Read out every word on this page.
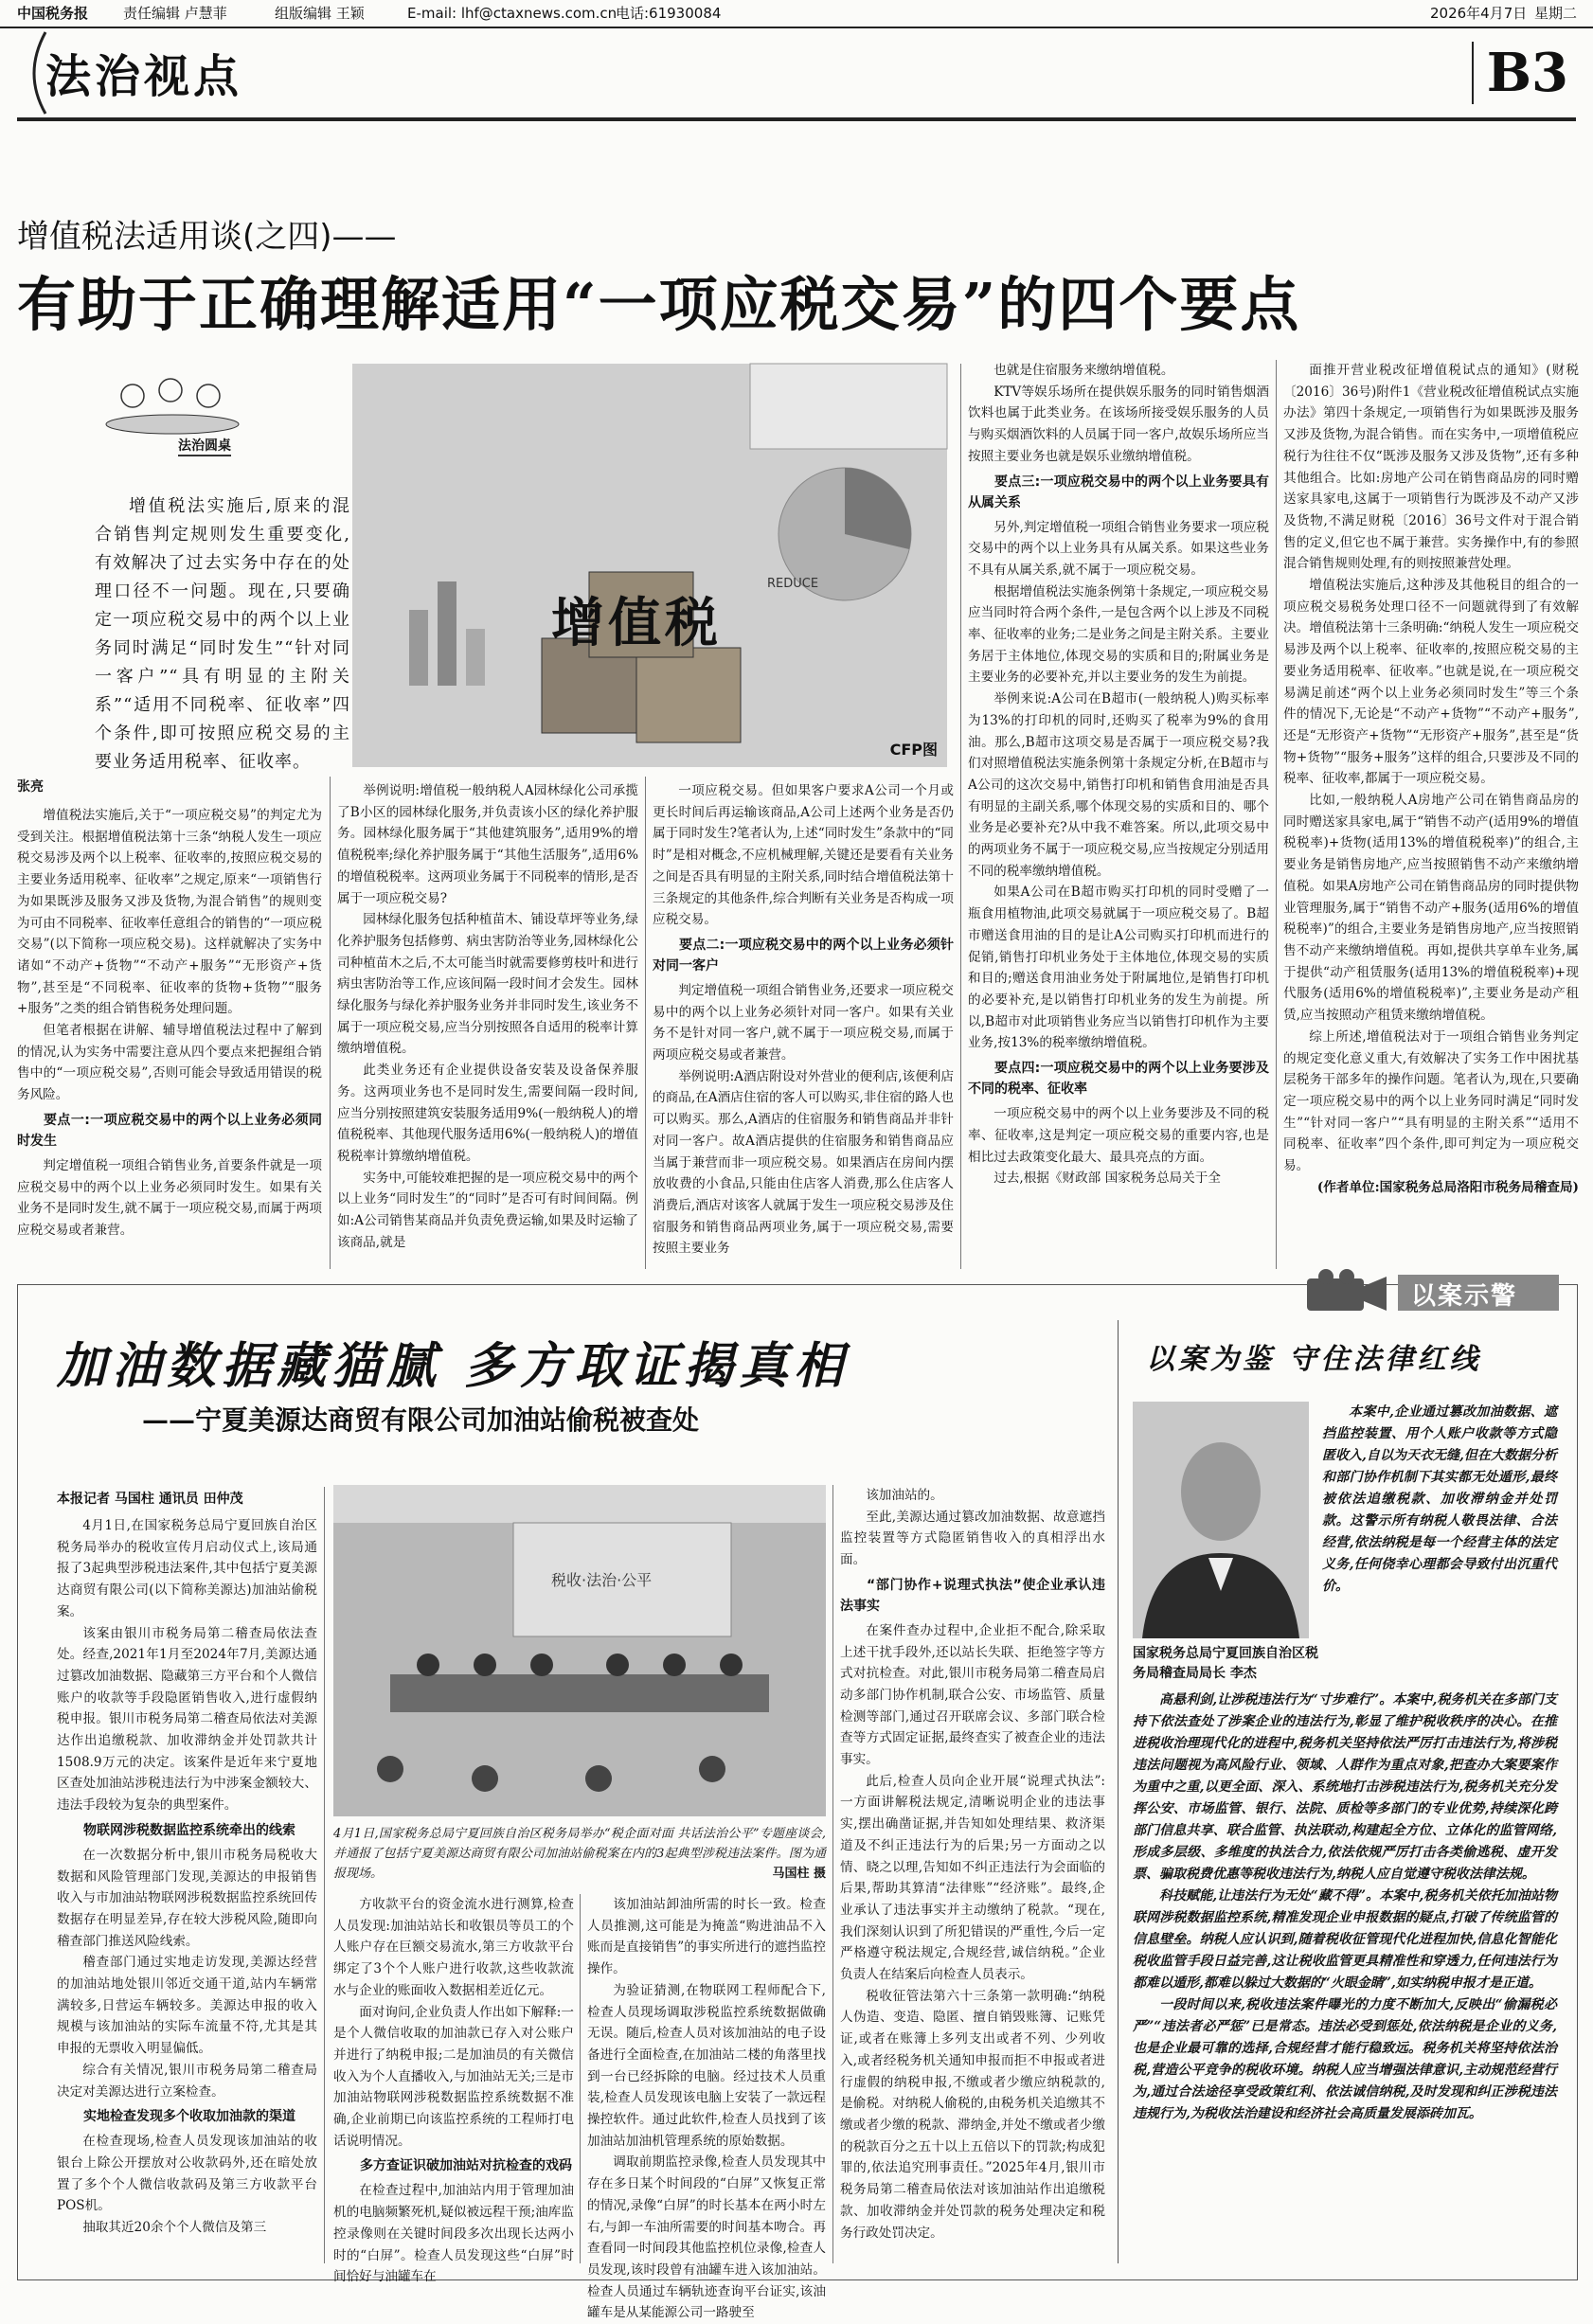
中国税务报 责任编辑 卢慧菲	组版编辑 王颖	E-mail: lhf@ctaxnews.com.cn
电话:61930084	2026年4月7日 星期二
法治视点	B3
增值税法适用谈(之四)——
有助于正确理解适用“一项应税交易”的四个要点
法治圆桌

增值税法实施后,原来的混合销售判定规则发生重要变化,有效解决了过去实务中存在的处理口径不一问题。现在,只要确定一项应税交易中的两个以上业务同时满足“同时发生”“针对同一客户”“具有明显的主附关系”“适用不同税率、征收率”四个条件,即可按照应税交易的主要业务适用税率、征收率。

增值税
REDUCE
CFP图
张亮

增值税法实施后,关于“一项应税交易”的判定尤为受到关注。根据增值税法第十三条“纳税人发生一项应税交易涉及两个以上税率、征收率的,按照应税交易的主要业务适用税率、征收率”之规定,原来“一项销售行为如果既涉及服务又涉及货物,为混合销售”的规则变为可由不同税率、征收率任意组合的销售的“一项应税交易”(以下简称一项应税交易)。这样就解决了实务中诸如“不动产+货物”“不动产+服务”“无形资产+货物”,甚至是“不同税率、征收率的货物+货物”“服务+服务”之类的组合销售税务处理问题。

但笔者根据在讲解、辅导增值税法过程中了解到的情况,认为实务中需要注意从四个要点来把握组合销售中的“一项应税交易”,否则可能会导致适用错误的税务风险。

要点一:一项应税交易中的两个以上业务必须同时发生

判定增值税一项组合销售业务,首要条件就是一项应税交易中的两个以上业务必须同时发生。如果有关业务不是同时发生,就不属于一项应税交易,而属于两项应税交易或者兼营。

举例说明:增值税一般纳税人A园林绿化公司承揽了B小区的园林绿化服务,并负责该小区的绿化养护服务。园林绿化服务属于“其他建筑服务”,适用9%的增值税税率;绿化养护服务属于“其他生活服务”,适用6%的增值税税率。这两项业务属于不同税率的情形,是否属于一项应税交易?

园林绿化服务包括种植苗木、铺设草坪等业务,绿化养护服务包括修剪、病虫害防治等业务,园林绿化公司种植苗木之后,不太可能当时就需要修剪枝叶和进行病虫害防治等工作,应该间隔一段时间才会发生。园林绿化服务与绿化养护服务业务并非同时发生,该业务不属于一项应税交易,应当分别按照各自适用的税率计算缴纳增值税。

此类业务还有企业提供设备安装及设备保养服务。这两项业务也不是同时发生,需要间隔一段时间,应当分别按照建筑安装服务适用9%(一般纳税人)的增值税税率、其他现代服务适用6%(一般纳税人)的增值税税率计算缴纳增值税。

实务中,可能较难把握的是一项应税交易中的两个以上业务“同时发生”的“同时”是否可有时间间隔。例如:A公司销售某商品并负责免费运输,如果及时运输了该商品,就是

一项应税交易。但如果客户要求A公司一个月或更长时间后再运输该商品,A公司上述两个业务是否仍属于同时发生?笔者认为,上述“同时发生”条款中的“同时”是相对概念,不应机械理解,关键还是要看有关业务之间是否具有明显的主附关系,同时结合增值税法第十三条规定的其他条件,综合判断有关业务是否构成一项应税交易。

要点二:一项应税交易中的两个以上业务必须针对同一客户

判定增值税一项组合销售业务,还要求一项应税交易中的两个以上业务必须针对同一客户。如果有关业务不是针对同一客户,就不属于一项应税交易,而属于两项应税交易或者兼营。

举例说明:A酒店附设对外营业的便利店,该便利店的商品,在A酒店住宿的客人可以购买,非住宿的路人也可以购买。那么,A酒店的住宿服务和销售商品并非针对同一客户。故A酒店提供的住宿服务和销售商品应当属于兼营而非一项应税交易。如果酒店在房间内摆放收费的小食品,只能由住店客人消费,那么住店客人消费后,酒店对该客人就属于发生一项应税交易涉及住宿服务和销售商品两项业务,属于一项应税交易,需要按照主要业务

也就是住宿服务来缴纳增值税。

KTV等娱乐场所在提供娱乐服务的同时销售烟酒饮料也属于此类业务。在该场所接受娱乐服务的人员与购买烟酒饮料的人员属于同一客户,故娱乐场所应当按照主要业务也就是娱乐业缴纳增值税。

要点三:一项应税交易中的两个以上业务要具有从属关系

另外,判定增值税一项组合销售业务要求一项应税交易中的两个以上业务具有从属关系。如果这些业务不具有从属关系,就不属于一项应税交易。

根据增值税法实施条例第十条规定,一项应税交易应当同时符合两个条件,一是包含两个以上涉及不同税率、征收率的业务;二是业务之间是主附关系。主要业务居于主体地位,体现交易的实质和目的;附属业务是主要业务的必要补充,并以主要业务的发生为前提。

举例来说:A公司在B超市(一般纳税人)购买标率为13%的打印机的同时,还购买了税率为9%的食用油。那么,B超市这项交易是否属于一项应税交易?我们对照增值税法实施条例第十条规定分析,在B超市与A公司的这次交易中,销售打印机和销售食用油是否具有明显的主副关系,哪个体现交易的实质和目的、哪个业务是必要补充?从中我不难答案。所以,此项交易中的两项业务不属于一项应税交易,应当按规定分别适用不同的税率缴纳增值税。

如果A公司在B超市购买打印机的同时受赠了一瓶食用植物油,此项交易就属于一项应税交易了。B超市赠送食用油的目的是让A公司购买打印机而进行的促销,销售打印机业务处于主体地位,体现交易的实质和目的;赠送食用油业务处于附属地位,是销售打印机的必要补充,是以销售打印机业务的发生为前提。所以,B超市对此项销售业务应当以销售打印机作为主要业务,按13%的税率缴纳增值税。

要点四:一项应税交易中的两个以上业务要涉及不同的税率、征收率

一项应税交易中的两个以上业务要涉及不同的税率、征收率,这是判定一项应税交易的重要内容,也是相比过去政策变化最大、最具亮点的方面。

过去,根据《财政部 国家税务总局关于全

面推开营业税改征增值税试点的通知》(财税〔2016〕36号)附件1《营业税改征增值税试点实施办法》第四十条规定,一项销售行为如果既涉及服务又涉及货物,为混合销售。而在实务中,一项增值税应税行为往往不仅“既涉及服务又涉及货物”,还有多种其他组合。比如:房地产公司在销售商品房的同时赠送家具家电,这属于一项销售行为既涉及不动产又涉及货物,不满足财税〔2016〕36号文件对于混合销售的定义,但它也不属于兼营。实务操作中,有的参照混合销售规则处理,有的则按照兼营处理。

增值税法实施后,这种涉及其他税目的组合的一项应税交易税务处理口径不一问题就得到了有效解决。增值税法第十三条明确:“纳税人发生一项应税交易涉及两个以上税率、征收率的,按照应税交易的主要业务适用税率、征收率。”也就是说,在一项应税交易满足前述“两个以上业务必须同时发生”等三个条件的情况下,无论是“不动产+货物”“不动产+服务”,还是“无形资产+货物”“无形资产+服务”,甚至是“货物+货物”“服务+服务”这样的组合,只要涉及不同的税率、征收率,都属于一项应税交易。

比如,一般纳税人A房地产公司在销售商品房的同时赠送家具家电,属于“销售不动产(适用9%的增值税税率)+货物(适用13%的增值税税率)”的组合,主要业务是销售房地产,应当按照销售不动产来缴纳增值税。如果A房地产公司在销售商品房的同时提供物业管理服务,属于“销售不动产+服务(适用6%的增值税税率)”的组合,主要业务是销售房地产,应当按照销售不动产来缴纳增值税。再如,提供共享单车业务,属于提供“动产租赁服务(适用13%的增值税税率)+现代服务(适用6%的增值税税率)”,主要业务是动产租赁,应当按照动产租赁来缴纳增值税。

综上所述,增值税法对于一项组合销售业务判定的规定变化意义重大,有效解决了实务工作中困扰基层税务干部多年的操作问题。笔者认为,现在,只要确定一项应税交易中的两个以上业务同时满足“同时发生”“针对同一客户”“具有明显的主附关系”“适用不同税率、征收率”四个条件,即可判定为一项应税交易。

(作者单位:国家税务总局洛阳市税务局稽查局)
以案示警
加油数据藏猫腻 多方取证揭真相
——宁夏美源达商贸有限公司加油站偷税被查处
本报记者 马国柱 通讯员 田仲茂

4月1日,在国家税务总局宁夏回族自治区税务局举办的税收宣传月启动仪式上,该局通报了3起典型涉税违法案件,其中包括宁夏美源达商贸有限公司(以下简称美源达)加油站偷税案。

该案由银川市税务局第二稽查局依法查处。经查,2021年1月至2024年7月,美源达通过篡改加油数据、隐藏第三方平台和个人微信账户的收款等手段隐匿销售收入,进行虚假纳税申报。银川市税务局第二稽查局依法对美源达作出追缴税款、加收滞纳金并处罚款共计1508.9万元的决定。该案件是近年来宁夏地区查处加油站涉税违法行为中涉案金额较大、违法手段较为复杂的典型案件。

物联网涉税数据监控系统牵出的线索

在一次数据分析中,银川市税务局税收大数据和风险管理部门发现,美源达的申报销售收入与市加油站物联网涉税数据监控系统回传数据存在明显差异,存在较大涉税风险,随即向稽查部门推送风险线索。

稽查部门通过实地走访发现,美源达经营的加油站地处银川邻近交通干道,站内车辆常满较多,日营运车辆较多。美源达申报的收入规模与该加油站的实际车流量不符,尤其是其申报的无票收入明显偏低。

综合有关情况,银川市税务局第二稽查局决定对美源达进行立案检查。

实地检查发现多个收取加油款的渠道

在检查现场,检查人员发现该加油站的收银台上除公开摆放对公收款码外,还在暗处放置了多个个人微信收款码及第三方收款平台POS机。

抽取其近20余个个人微信及第三

税收·法治·公平
4月1日,国家税务总局宁夏回族自治区税务局举办“税企面对面 共话法治公平”专题座谈会,并通报了包括宁夏美源达商贸有限公司加油站偷税案在内的3起典型涉税违法案件。图为通报现场。	马国柱 摄

方收款平台的资金流水进行测算,检查人员发现:加油站站长和收银员等员工的个人账户存在巨额交易流水,第三方收款平台绑定了3个个人账户进行收款,这些收款流水与企业的账面收入数据相差近亿元。

面对询问,企业负责人作出如下解释:一是个人微信收取的加油款已存入对公账户并进行了纳税申报;二是加油员的有关微信收入为个人直播收入,与加油站无关;三是市加油站物联网涉税数据监控系统数据不准确,企业前期已向该监控系统的工程师打电话说明情况。

多方查证识破加油站对抗检查的戏码

在检查过程中,加油站内用于管理加油机的电脑频繁死机,疑似被远程干预;油库监控录像则在关键时间段多次出现长达两小时的“白屏”。检查人员发现这些“白屏”时间恰好与油罐车在

该加油站卸油所需的时长一致。检查人员推测,这可能是为掩盖“购进油品不入账而是直接销售”的事实所进行的遮挡监控操作。

为验证猜测,在物联网工程师配合下,检查人员现场调取涉税监控系统数据做确无误。随后,检查人员对该加油站的电子设备进行全面检查,在加油站二楼的角落里找到一台已经拆除的电脑。经过技术人员重装,检查人员发现该电脑上安装了一款远程操控软件。通过此软件,检查人员找到了该加油站加油机管理系统的原始数据。

调取前期监控录像,检查人员发现其中存在多日某个时间段的“白屏”又恢复正常的情况,录像“白屏”的时长基本在两小时左右,与卸一车油所需要的时间基本吻合。再查看同一时间段其他监控机位录像,检查人员发现,该时段曾有油罐车进入该加油站。检查人员通过车辆轨迹查询平台证实,该油罐车是从某能源公司一路驶至

该加油站的。

至此,美源达通过篡改加油数据、故意遮挡监控装置等方式隐匿销售收入的真相浮出水面。

“部门协作+说理式执法”使企业承认违法事实

在案件查办过程中,企业拒不配合,除采取上述干扰手段外,还以站长失联、拒绝签字等方式对抗检查。对此,银川市税务局第二稽查局启动多部门协作机制,联合公安、市场监管、质量检测等部门,通过召开联席会议、多部门联合检查等方式固定证据,最终查实了被查企业的违法事实。

此后,检查人员向企业开展“说理式执法”:一方面讲解税法规定,清晰说明企业的违法事实,摆出确凿证据,并告知如处理结果、救济渠道及不纠正违法行为的后果;另一方面动之以情、晓之以理,告知如不纠正违法行为会面临的后果,帮助其算清“法律账”“经济账”。最终,企业承认了违法事实并主动缴纳了税款。“现在,我们深刻认识到了所犯错误的严重性,今后一定严格遵守税法规定,合规经营,诚信纳税。”企业负责人在结案后向检查人员表示。

税收征管法第六十三条第一款明确:“纳税人伪造、变造、隐匿、擅自销毁账簿、记账凭证,或者在账簿上多列支出或者不列、少列收入,或者经税务机关通知申报而拒不申报或者进行虚假的纳税申报,不缴或者少缴应纳税款的,是偷税。对纳税人偷税的,由税务机关追缴其不缴或者少缴的税款、滞纳金,并处不缴或者少缴的税款百分之五十以上五倍以下的罚款;构成犯罪的,依法追究刑事责任。”2025年4月,银川市税务局第二稽查局依法对该加油站作出追缴税款、加收滞纳金并处罚款的税务处理决定和税务行政处罚决定。

以案为鉴 守住法律红线
国家税务总局宁夏回族自治区税务局稽查局局长 李杰

本案中,企业通过篡改加油数据、遮挡监控装置、用个人账户收款等方式隐匿收入,自以为天衣无缝,但在大数据分析和部门协作机制下其实都无处遁形,最终被依法追缴税款、加收滞纳金并处罚款。这警示所有纳税人敬畏法律、合法经营,依法纳税是每一个经营主体的法定义务,任何侥幸心理都会导致付出沉重代价。

高悬利剑,让涉税违法行为“寸步难行”。本案中,税务机关在多部门支持下依法查处了涉案企业的违法行为,彰显了维护税收秩序的决心。在推进税收治理现代化的进程中,税务机关坚持依法严厉打击违法行为,将涉税违法问题视为高风险行业、领域、人群作为重点对象,把查办大案要案作为重中之重,以更全面、深入、系统地打击涉税违法行为,税务机关充分发挥公安、市场监管、银行、法院、质检等多部门的专业优势,持续深化跨部门信息共享、联合监管、执法联动,构建起全方位、立体化的监管网络,形成多层级、多维度的执法合力,依法依规严厉打击各类偷逃税、虚开发票、骗取税费优惠等税收违法行为,纳税人应自觉遵守税收法律法规。

科技赋能,让违法行为无处“藏不得”。本案中,税务机关依托加油站物联网涉税数据监控系统,精准发现企业申报数据的疑点,打破了传统监管的信息壁垒。纳税人应认识到,随着税收征管现代化进程加快,信息化智能化税收监管手段日益完善,这让税收监管更具精准性和穿透力,任何违法行为都难以遁形,都难以躲过大数据的“火眼金睛”,如实纳税申报才是正道。

一段时间以来,税收违法案件曝光的力度不断加大,反映出“偷漏税必严”“违法者必严惩”已是常态。违法必受到惩处,依法纳税是企业的义务,也是企业最可靠的选择,合规经营才能行稳致远。税务机关将坚持依法治税,营造公平竞争的税收环境。纳税人应当增强法律意识,主动规范经营行为,通过合法途径享受政策红利、依法诚信纳税,及时发现和纠正涉税违法违规行为,为税收法治建设和经济社会高质量发展添砖加瓦。
